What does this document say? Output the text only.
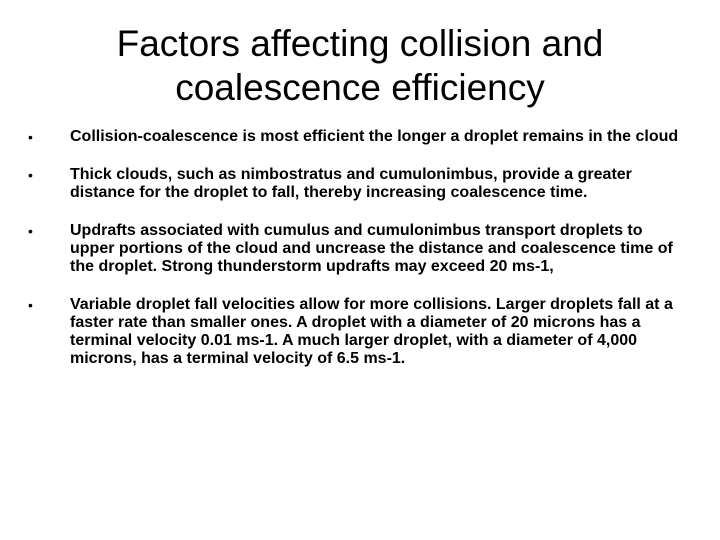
Factors affecting collision and coalescence efficiency
• Collision-coalescence is most efficient the longer a droplet remains in the cloud
• Thick clouds, such as nimbostratus and cumulonimbus, provide a greater distance for the droplet to fall, thereby increasing coalescence time.
• Updrafts associated with cumulus and cumulonimbus transport droplets to upper portions of the cloud and uncrease the distance and coalescence time of the droplet. Strong thunderstorm updrafts may exceed 20 ms-1,
• Variable droplet fall velocities allow for more collisions. Larger droplets fall at a faster rate than smaller ones. A droplet with a diameter of 20 microns has a terminal velocity 0.01 ms-1. A much larger droplet, with a diameter of 4,000 microns, has a terminal velocity of 6.5 ms-1.
